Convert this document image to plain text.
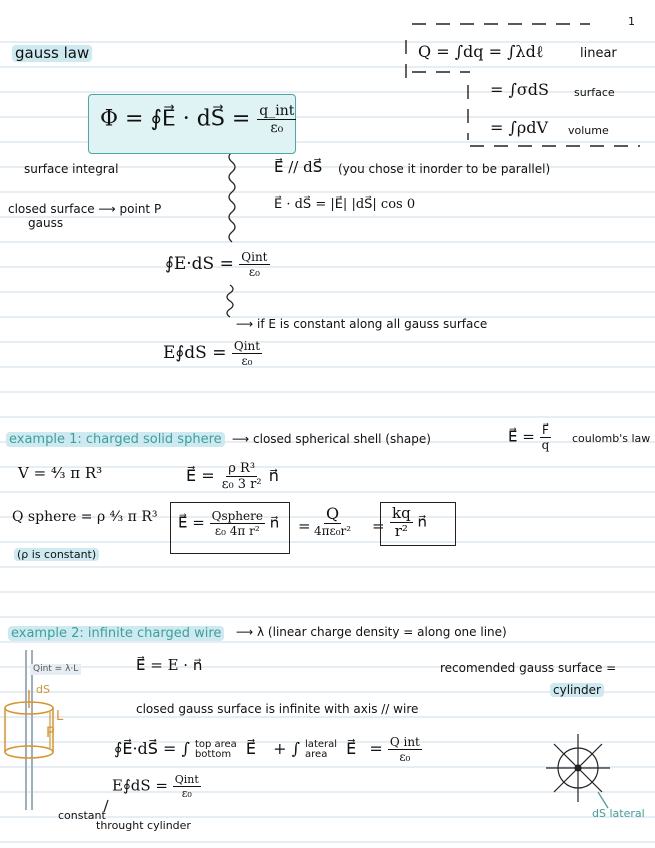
1
gauss law	Q = ∫dq = ∫λdℓ	linear
= ∫σdS surface
= ∫ρdV volume
Φ = ∮E⃗ · dS⃗ = $\frac{\text{q\_int}}{\text{ε₀}}$
surface integral
closed surface ⟶ point P
gauss
E⃗ // dS⃗ (you chose it inorder to be parallel)
E⃗ · dS⃗ = |E⃗| |dS⃗| cos 0
∮E·dS = $\frac{\text{Qint}}{\text{ε₀}}$
⟶ if E is constant along all gauss surface
E∮dS = $\frac{\text{Qint}}{\text{ε₀}}$
example 1: charged solid sphere ⟶ closed spherical shell (shape)	E⃗ = $\frac{F⃗}{q}$ coulomb's law
V = ⁴⁄₃ π R³	E⃗ = $\frac{\text{ρ R³}}{\text{ε₀ 3 r²}}$ n⃗
Q sphere = ρ ⁴⁄₃ π R³ E⃗ = $\frac{\text{Qsphere}}{\text{ε₀ 4π r²}}$ n⃗ = $\frac{Q}{\text{4πε₀r²}} = \frac{kq}{\text{r²}}$ n⃗
(ρ is constant)
example 2: infinite charged wire ⟶ λ (linear charge density = along one line)
Qint = λ·L
dS
L
P
E⃗ = E · n⃗	recomended gauss surface =
cylinder
closed gauss surface is infinite with axis // wire
∮E⃗·dS⃗ = ∫ top area
bottom E⃗ + ∫ lateral
area	E⃗ = $\frac{\text{Q int}}{\text{ε₀}}$
E∮dS = $\frac{\text{Qint}}{\text{ε₀}}$
constant
throught cylinder
dS lateral
